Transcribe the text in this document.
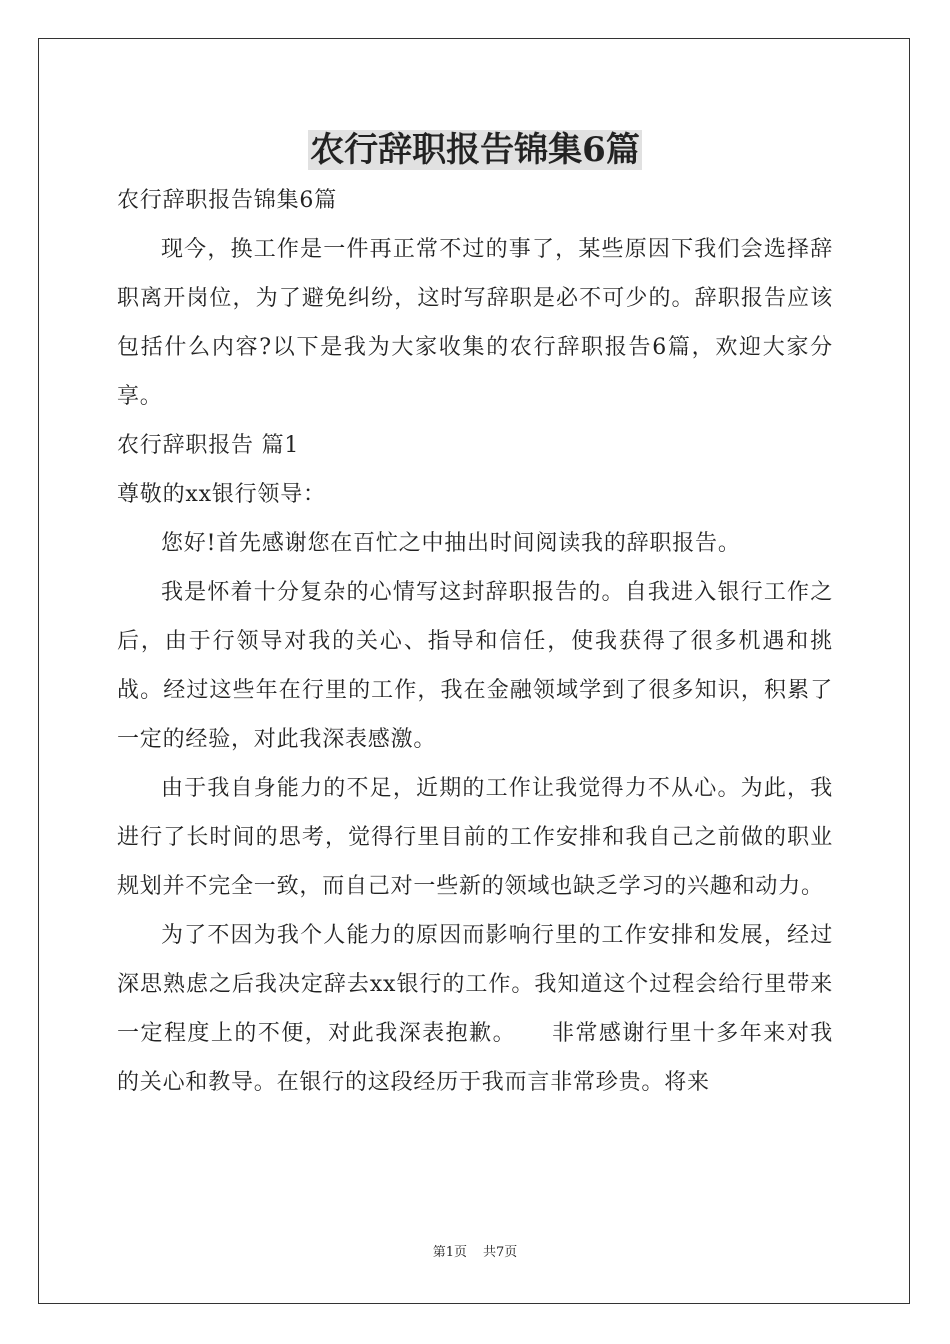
农行辞职报告锦集6篇

农行辞职报告锦集6篇

现今，换工作是一件再正常不过的事了，某些原因下我们会选择辞职离开岗位，为了避免纠纷，这时写辞职是必不可少的。辞职报告应该包括什么内容?以下是我为大家收集的农行辞职报告6篇，欢迎大家分享。

农行辞职报告 篇1

尊敬的xx银行领导：

您好!首先感谢您在百忙之中抽出时间阅读我的辞职报告。

我是怀着十分复杂的心情写这封辞职报告的。自我进入银行工作之后，由于行领导对我的关心、指导和信任，使我获得了很多机遇和挑战。经过这些年在行里的工作，我在金融领域学到了很多知识，积累了一定的经验，对此我深表感激。

由于我自身能力的不足，近期的工作让我觉得力不从心。为此，我进行了长时间的思考，觉得行里目前的工作安排和我自己之前做的职业规划并不完全一致，而自己对一些新的领域也缺乏学习的兴趣和动力。

为了不因为我个人能力的原因而影响行里的工作安排和发展，经过深思熟虑之后我决定辞去xx银行的工作。我知道这个过程会给行里带来一定程度上的不便，对此我深表抱歉。　　非常感谢行里十多年来对我的关心和教导。在银行的这段经历于我而言非常珍贵。将来

第1页 共7页
